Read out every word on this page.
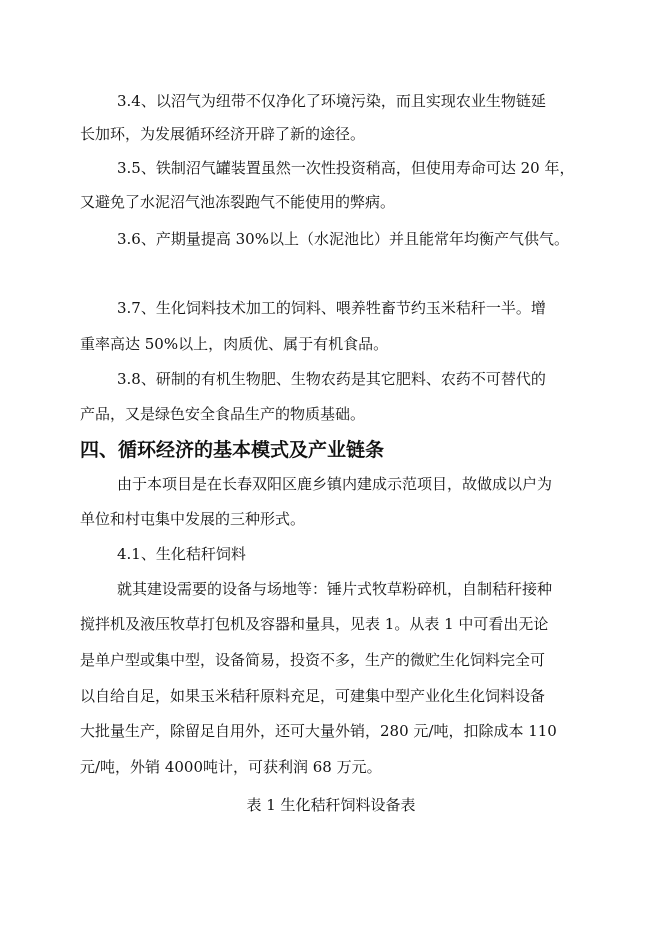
3.4、以沼气为纽带不仅净化了环境污染，而且实现农业生物链延
长加环，为发展循环经济开辟了新的途径。
3.5、铁制沼气罐装置虽然一次性投资稍高，但使用寿命可达 20 年，
又避免了水泥沼气池冻裂跑气不能使用的弊病。
3.6、产期量提高 30%以上（水泥池比）并且能常年均衡产气供气。
3.7、生化饲料技术加工的饲料、喂养牲畜节约玉米秸秆一半。增
重率高达 50%以上，肉质优、属于有机食品。
3.8、研制的有机生物肥、生物农药是其它肥料、农药不可替代的
产品，又是绿色安全食品生产的物质基础。
四、循环经济的基本模式及产业链条
由于本项目是在长春双阳区鹿乡镇内建成示范项目，故做成以户为
单位和村屯集中发展的三种形式。
4.1、生化秸秆饲料
就其建设需要的设备与场地等：锤片式牧草粉碎机，自制秸秆接种
搅拌机及液压牧草打包机及容器和量具，见表 1。从表 1 中可看出无论
是单户型或集中型，设备简易，投资不多，生产的微贮生化饲料完全可
以自给自足，如果玉米秸秆原料充足，可建集中型产业化生化饲料设备
大批量生产，除留足自用外，还可大量外销，280 元/吨，扣除成本 110
元/吨，外销 4000吨计，可获利润 68 万元。
表 1 生化秸秆饲料设备表
